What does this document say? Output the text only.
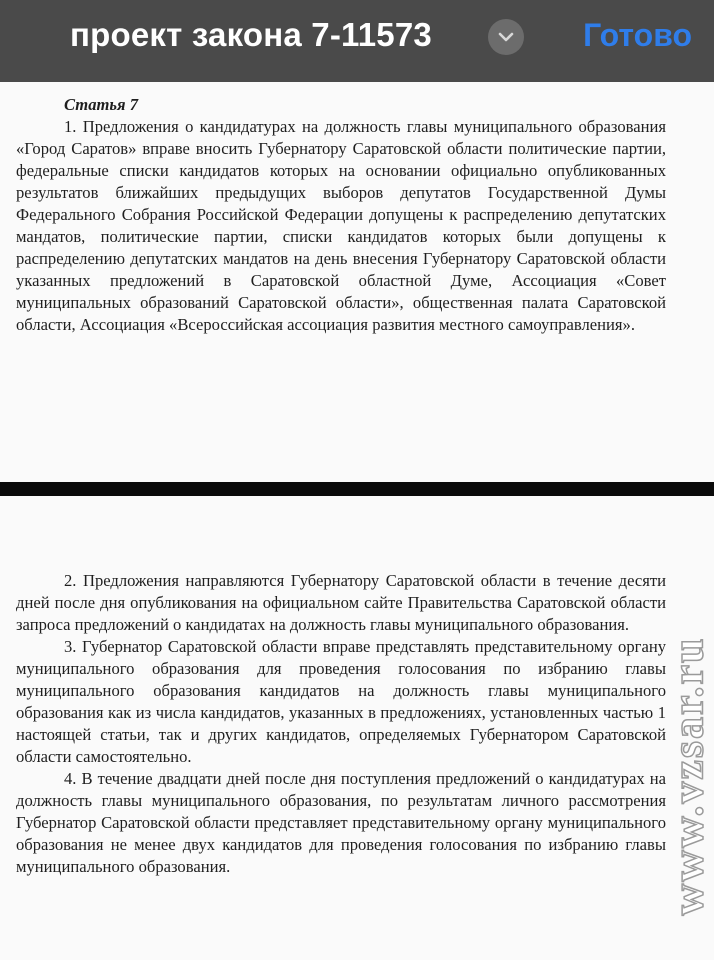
проект закона 7-11573	Готово

Статья 7

1. Предложения о кандидатурах на должность главы муниципального образования «Город Саратов» вправе вносить Губернатору Саратовской области политические партии, федеральные списки кандидатов которых на основании официально опубликованных результатов ближайших предыдущих выборов депутатов Государственной Думы Федерального Собрания Российской Федерации допущены к распределению депутатских мандатов, политические партии, списки кандидатов которых были допущены к распределению депутатских мандатов на день внесения Губернатору Саратовской области указанных предложений в Саратовской областной Думе, Ассоциация «Совет муниципальных образований Саратовской области», общественная палата Саратовской области, Ассоциация «Всероссийская ассоциация развития местного самоуправления».

2. Предложения направляются Губернатору Саратовской области в течение десяти дней после дня опубликования на официальном сайте Правительства Саратовской области запроса предложений о кандидатах на должность главы муниципального образования.

3. Губернатор Саратовской области вправе представлять представительному органу муниципального образования для проведения голосования по избранию главы муниципального образования кандидатов на должность главы муниципального образования как из числа кандидатов, указанных в предложениях, установленных частью 1 настоящей статьи, так и других кандидатов, определяемых Губернатором Саратовской области самостоятельно.

4. В течение двадцати дней после дня поступления предложений о кандидатурах на должность главы муниципального образования, по результатам личного рассмотрения Губернатор Саратовской области представляет представительному органу муниципального образования не менее двух кандидатов для проведения голосования по избранию главы муниципального образования.	www.vzsar.ru
